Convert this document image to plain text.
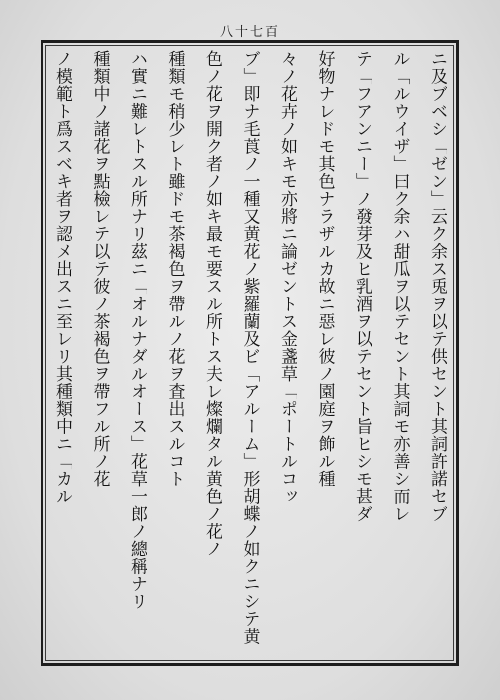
八十七百
ニ及ブベシ「ゼン」云ク余ス兎ヲ以テ供セント其詞許諾セブ
ル「ルウイザ」曰ク余ハ甜瓜ヲ以テセント其詞モ亦善シ而レ
テ「フアンニー」ノ發芽及ヒ乳酒ヲ以テセント旨ヒシモ甚ダ
好物ナレドモ其色ナラザルカ故ニ惡レ彼ノ園庭ヲ飾ル種
々ノ花卉ノ如キモ亦將ニ論ゼントス金盞草「ポートルコッ
ブ」即ナ毛莨ノ一種又黄花ノ紫羅蘭及ビ「アルーム」形胡蝶ノ如クニシテ黄
色ノ花ヲ開ク者ノ如キ最モ要スル所トス夫レ燦爛タル黄色ノ花ノ
種類モ稍少レト雖ドモ茶褐色ヲ帶ルノ花ヲ査出スルコト
ハ實ニ難レトスル所ナリ茲ニ「オルナダルオース」花草一郎ノ總稱ナリ
種類中ノ諸花ヲ點檢レテ以テ彼ノ茶褐色ヲ帶フル所ノ花
ノ模範ト爲スベキ者ヲ認メ出スニ至レリ其種類中ニ「カル
